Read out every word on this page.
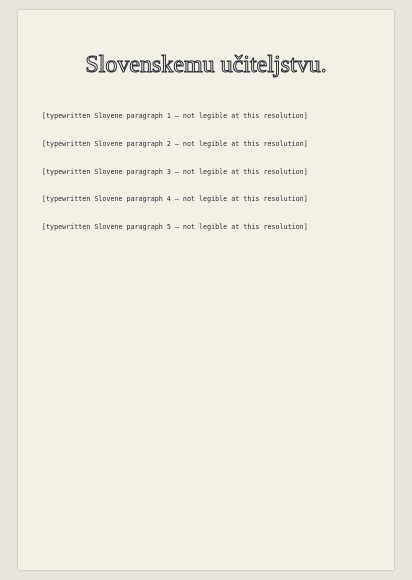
Slovenskemu učiteljstvu.

[typewritten Slovene paragraph 1 — not legible at this resolution]

[typewritten Slovene paragraph 2 — not legible at this resolution]

[typewritten Slovene paragraph 3 — not legible at this resolution]

[typewritten Slovene paragraph 4 — not legible at this resolution]

[typewritten Slovene paragraph 5 — not legible at this resolution]
